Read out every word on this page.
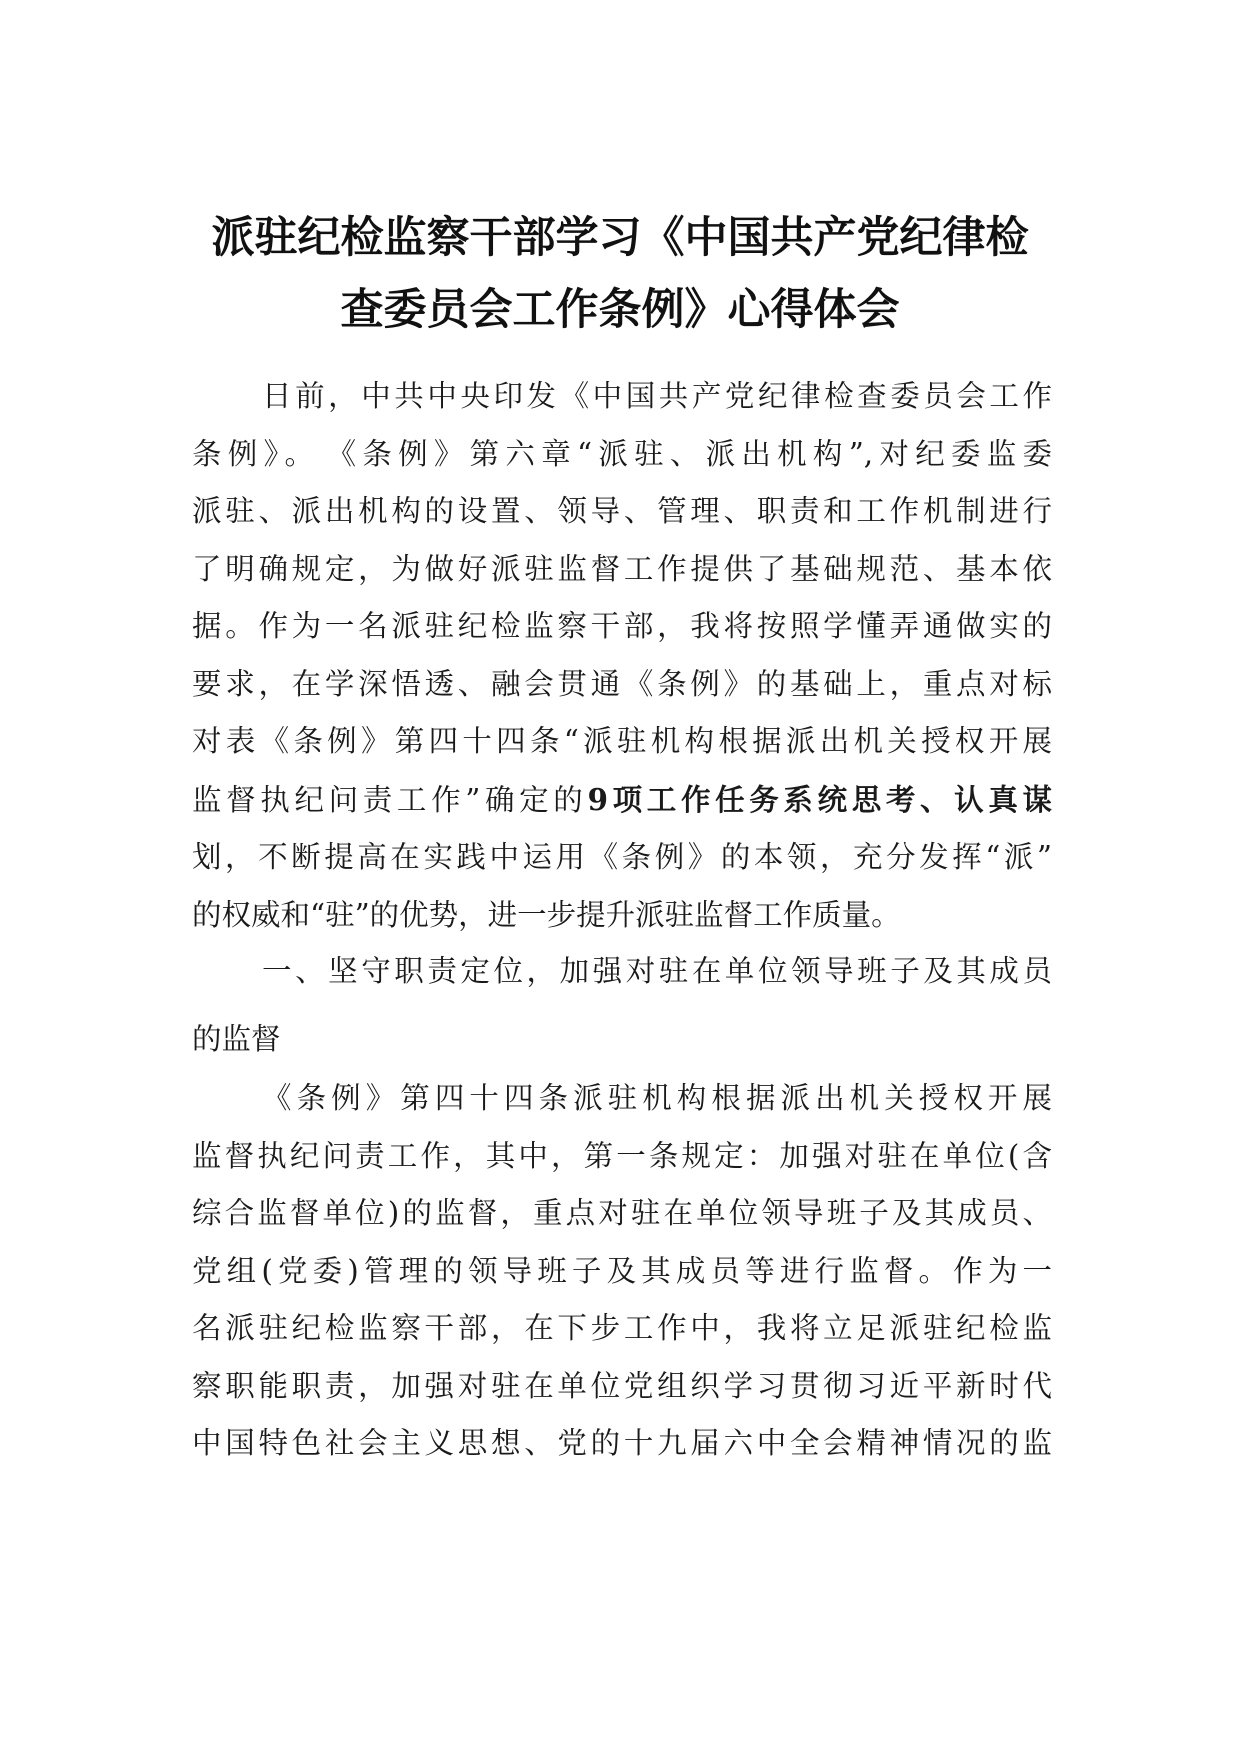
派驻纪检监察干部学习《中国共产党纪律检
查委员会工作条例》心得体会
日前，中共中央印发《中国共产党纪律检查委员会工作
条例》。　《条例》第六章“派驻、派出机构”,对纪委监委
派驻、派出机构的设置、领导、管理、职责和工作机制进行
了明确规定，为做好派驻监督工作提供了基础规范、基本依
据。作为一名派驻纪检监察干部，我将按照学懂弄通做实的
要求，在学深悟透、融会贯通《条例》的基础上，重点对标
对表《条例》第四十四条“派驻机构根据派出机关授权开展
监督执纪问责工作”确定的9项工作任务系统思考、认真谋
划，不断提高在实践中运用《条例》的本领，充分发挥“派”
的权威和“驻”的优势，进一步提升派驻监督工作质量。
一、坚守职责定位，加强对驻在单位领导班子及其成员
的监督
《条例》第四十四条派驻机构根据派出机关授权开展
监督执纪问责工作，其中，第一条规定：加强对驻在单位(含
综合监督单位)的监督，重点对驻在单位领导班子及其成员、
党组(党委)管理的领导班子及其成员等进行监督。作为一
名派驻纪检监察干部，在下步工作中，我将立足派驻纪检监
察职能职责，加强对驻在单位党组织学习贯彻习近平新时代
中国特色社会主义思想、党的十九届六中全会精神情况的监
